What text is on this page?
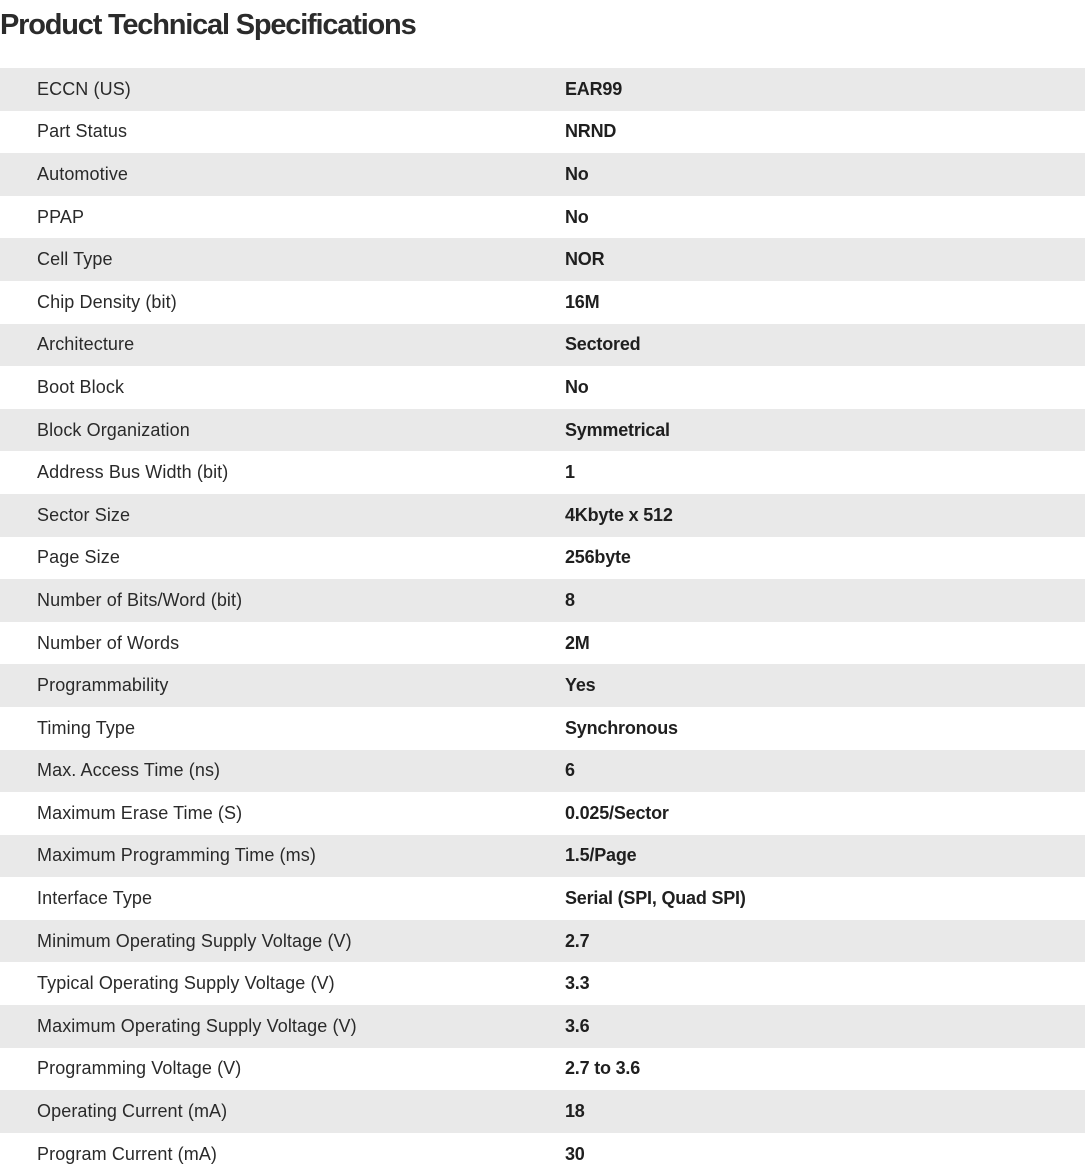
Product Technical Specifications
ECCN (US)	EAR99
Part Status	NRND
Automotive	No
PPAP	No
Cell Type	NOR
Chip Density (bit)	16M
Architecture	Sectored
Boot Block	No
Block Organization	Symmetrical
Address Bus Width (bit)	1
Sector Size	4Kbyte x 512
Page Size	256byte
Number of Bits/Word (bit)	8
Number of Words	2M
Programmability	Yes
Timing Type	Synchronous
Max. Access Time (ns)	6
Maximum Erase Time (S)	0.025/Sector
Maximum Programming Time (ms)	1.5/Page
Interface Type	Serial (SPI, Quad SPI)
Minimum Operating Supply Voltage (V)	2.7
Typical Operating Supply Voltage (V)	3.3
Maximum Operating Supply Voltage (V)	3.6
Programming Voltage (V)	2.7 to 3.6
Operating Current (mA)	18
Program Current (mA)	30
